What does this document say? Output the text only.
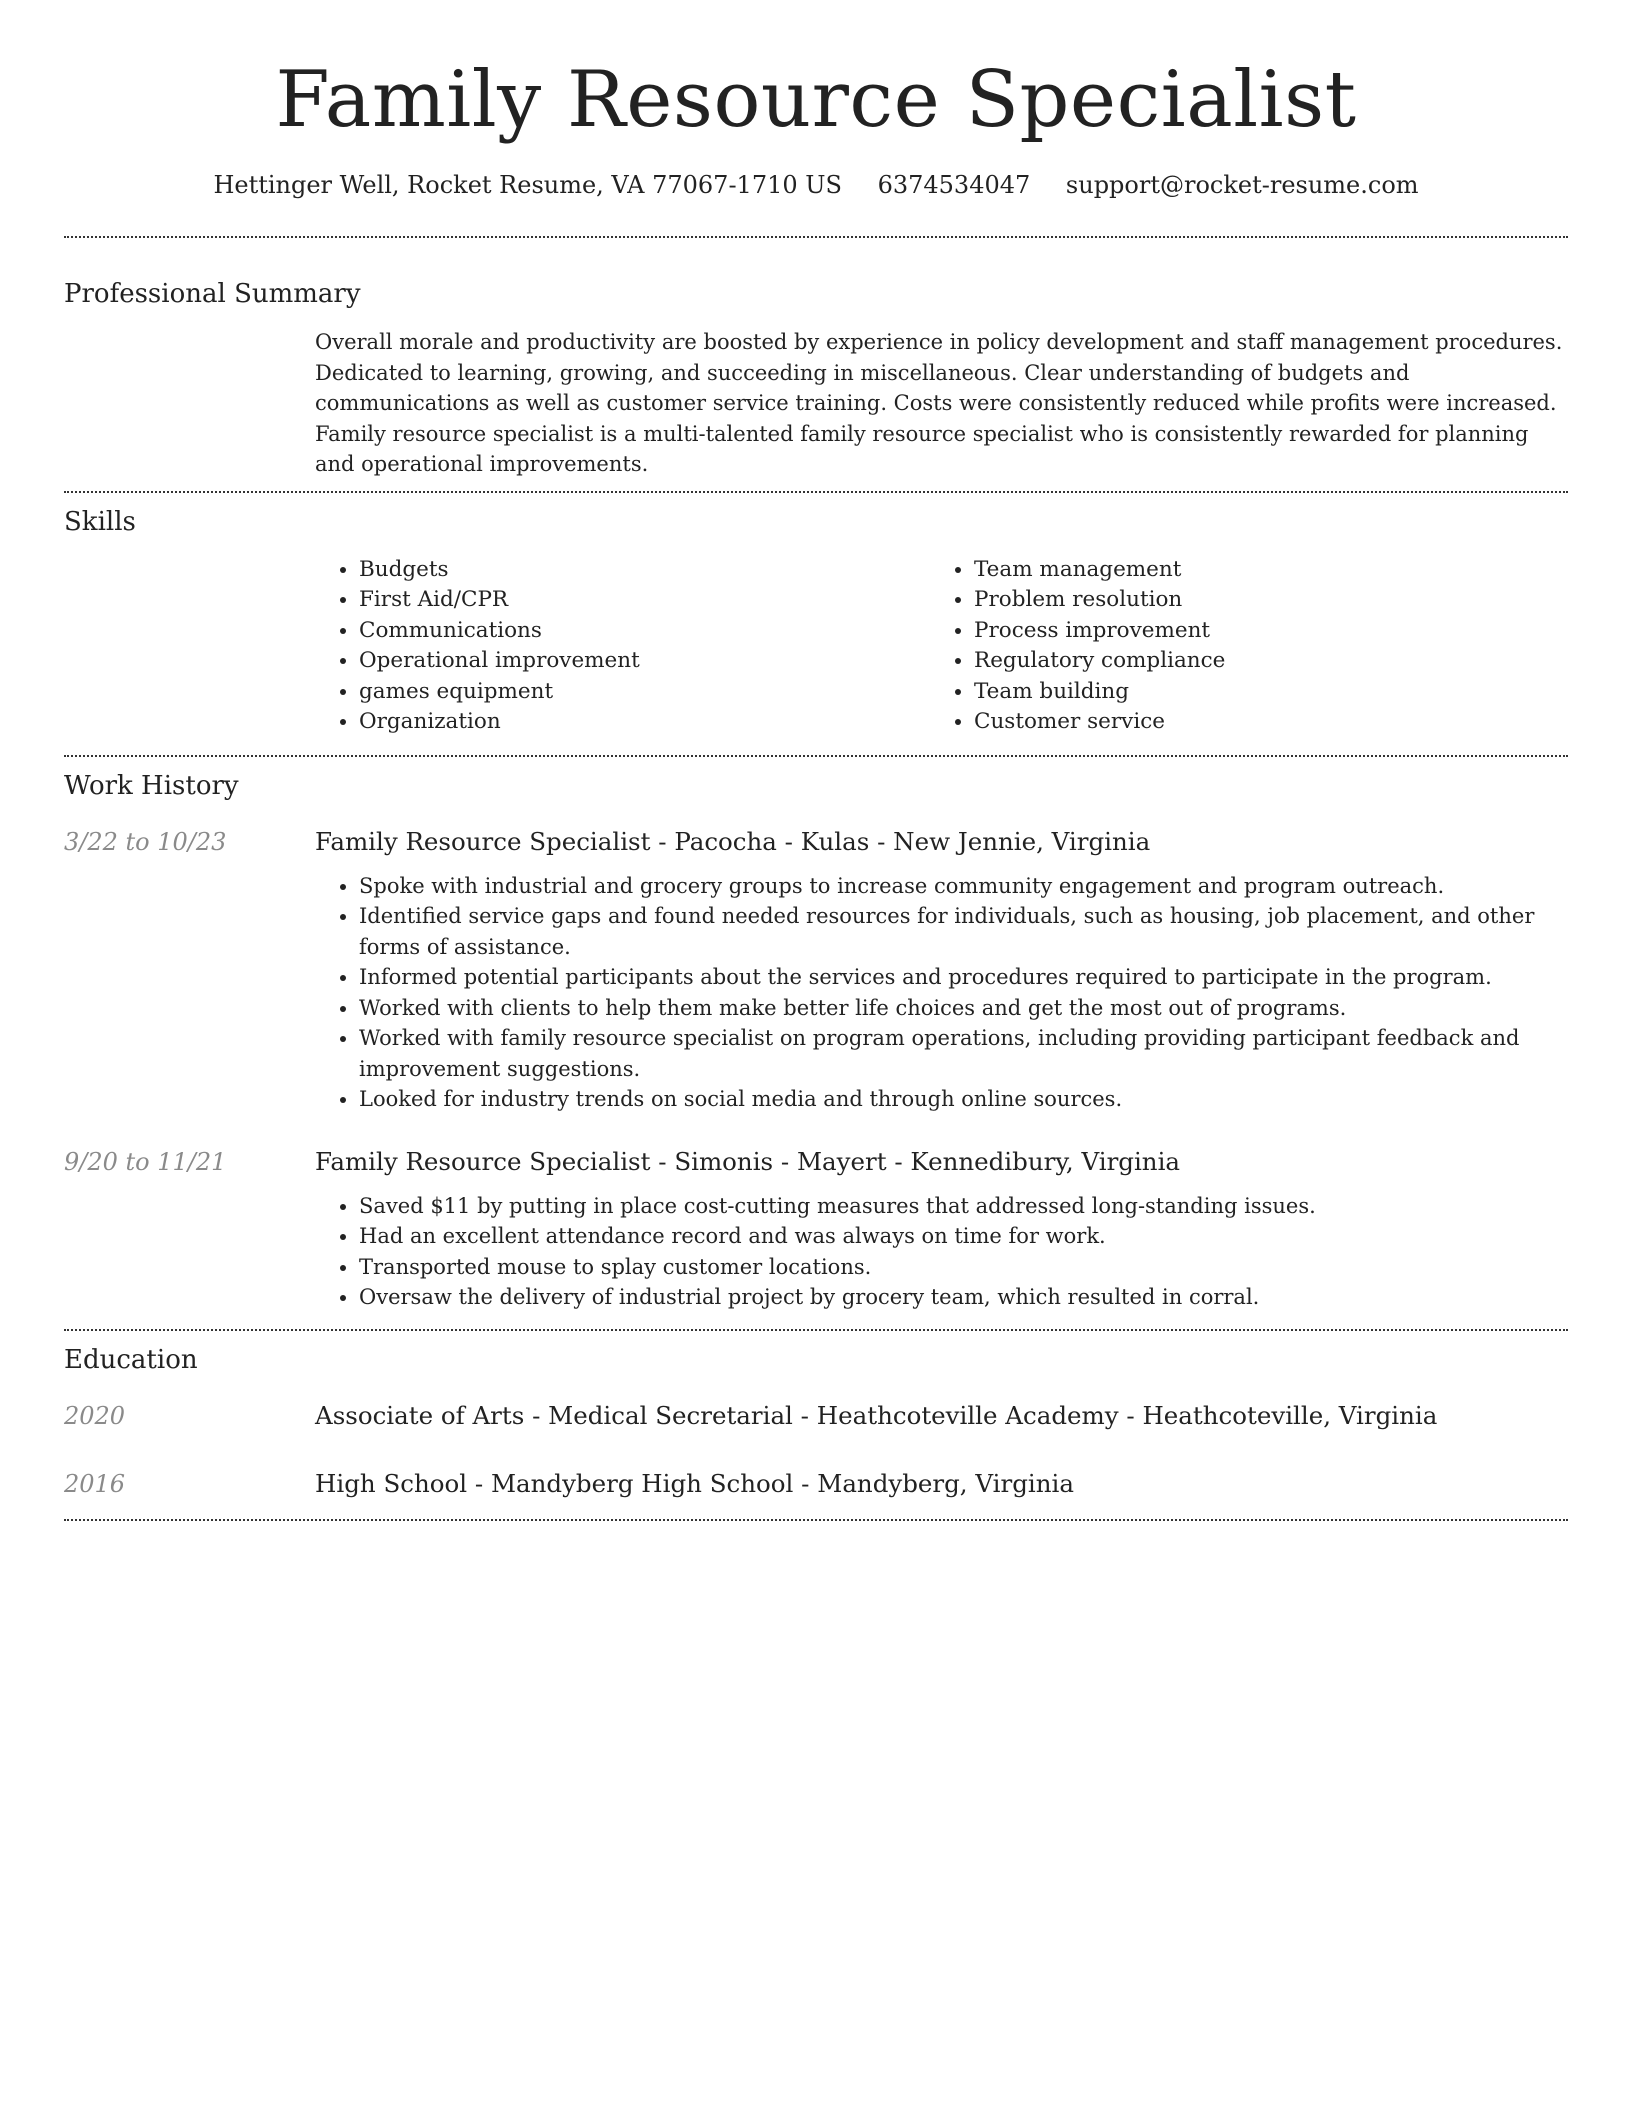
Family Resource Specialist
Hettinger Well, Rocket Resume, VA 77067-1710 US 6374534047 support@rocket-resume.com
Professional Summary

Overall morale and productivity are boosted by experience in policy development and staff management procedures. Dedicated to learning, growing, and succeeding in miscellaneous. Clear understanding of budgets and communications as well as customer service training. Costs were consistently reduced while profits were increased. Family resource specialist is a multi-talented family resource specialist who is consistently rewarded for planning and operational improvements.

Skills
• Budgets
• First Aid/CPR
• Communications
• Operational improvement
• games equipment
• Organization
• Team management
• Problem resolution
• Process improvement
• Regulatory compliance
• Team building
• Customer service
Work History
3/22 to 10/23	Family Resource Specialist - Pacocha - Kulas - New Jennie, Virginia
• Spoke with industrial and grocery groups to increase community engagement and program outreach.
• Identified service gaps and found needed resources for individuals, such as housing, job placement, and other forms of assistance.
• Informed potential participants about the services and procedures required to participate in the program.
• Worked with clients to help them make better life choices and get the most out of programs.
• Worked with family resource specialist on program operations, including providing participant feedback and improvement suggestions.
• Looked for industry trends on social media and through online sources.
9/20 to 11/21	Family Resource Specialist - Simonis - Mayert - Kennedibury, Virginia
• Saved $11 by putting in place cost-cutting measures that addressed long-standing issues.
• Had an excellent attendance record and was always on time for work.
• Transported mouse to splay customer locations.
• Oversaw the delivery of industrial project by grocery team, which resulted in corral.
Education
2020	Associate of Arts - Medical Secretarial - Heathcoteville Academy - Heathcoteville, Virginia
2016	High School - Mandyberg High School - Mandyberg, Virginia
